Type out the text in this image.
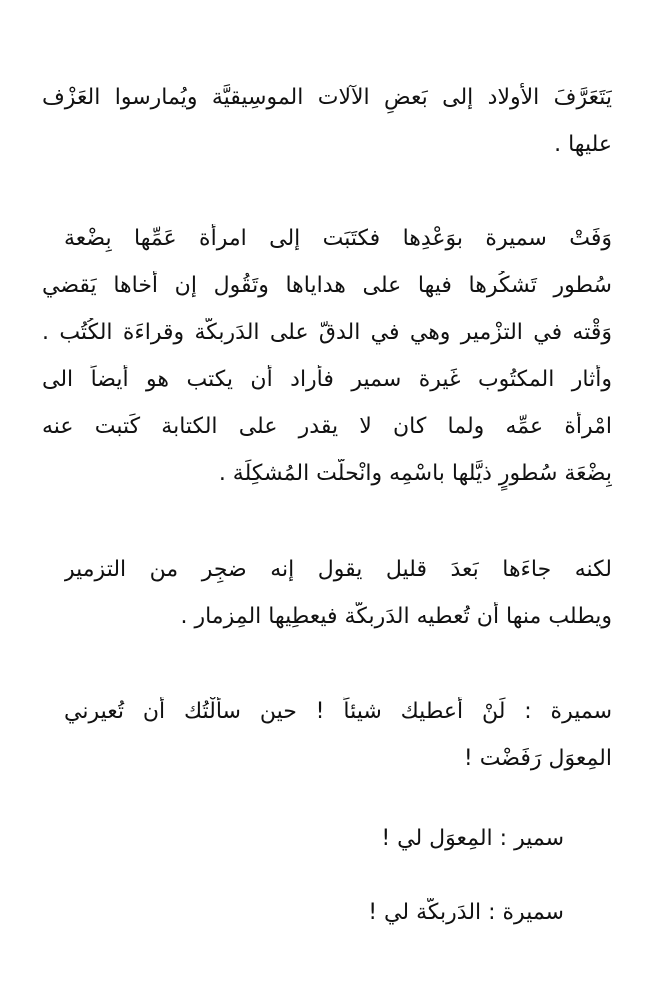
يَتَعَرَّفَ الأَولاد إلى بَعضِ الآلات الموسِيقيَّة ويُمارسوا العَزْف
عليها .
وَفَتْ سميرة بوَعْدِها فكتَبَت إلى امرأة عَمِّها بِضْعة
سُطور تَشكُرها فيها على هداياها وتَقُول إن أخاها يَقضي
وَقْته في التزْمير وهي في الدقّ على الدَربكَّة وقراءَة الكُتُب .
وأثار المكتُوب غَيرة سمير فأَراد أن يكتب هو أيضاً الى
امْرأة عمِّه ولما كان لا يقدر على الكتابة كَتبت عنه
بِضْعَة سُطورٍ ذيَّلها باسْمِه وانْحلَّت المُشكِلَة .
لكنه جاءَها بَعدَ قليل يقول إنه ضجِر من التزمير
ويطلب منها أن تُعطيه الدَربكَّة فيعطِيها المِزمار .
سميرة : لَنْ أُعطيك شيئاً ! حين سأَلْتُك أن تُعيرني
المِعوَل رَفَضْت !
سمير : المِعوَل لي !
سميرة : الدَربكَّة لي !
